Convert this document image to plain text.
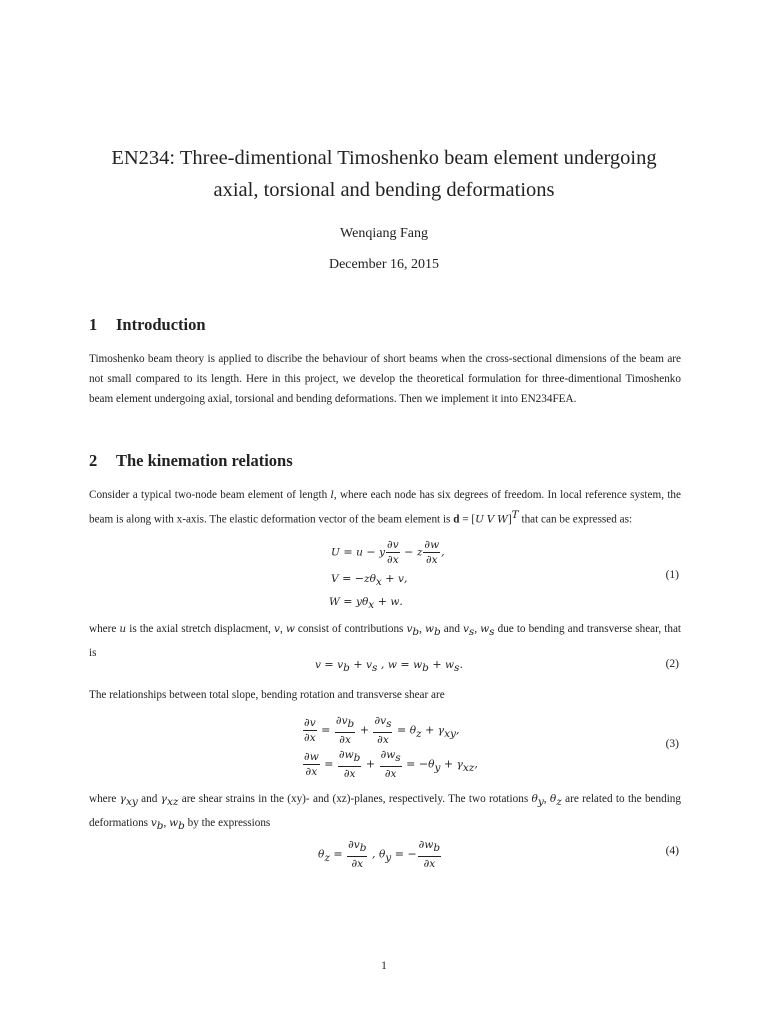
EN234: Three-dimentional Timoshenko beam element undergoing
axial, torsional and bending deformations
Wenqiang Fang
December 16, 2015
1 Introduction
Timoshenko beam theory is applied to discribe the behaviour of short beams when the cross-sectional dimensions of the beam are not small compared to its length. Here in this project, we develop the theoretical formulation for three-dimentional Timoshenko beam element undergoing axial, torsional and bending deformations. Then we implement it into EN234FEA.
2 The kinemation relations
Consider a typical two-node beam element of length l, where each node has six degrees of freedom. In local reference system, the beam is along with x-axis. The elastic deformation vector of the beam element is d = [U V W]$^T$ that can be expressed as:
U = u − y $\frac{\partial v}{\partial x} - z \frac{\partial w}{\partial x}$ ,
$V = -z\theta_x + v$,
$W = y\theta_x + w$.
(1)
where u is the axial stretch displacment, v, w consist of contributions $v_b$, $w_b$ and $v_s$, $w_s$ due to bending and transverse shear, that is
$v = v_b + v_s$ , $w = w_b + w_s$.	(2)
The relationships between total slope, bending rotation and transverse shear are
$\frac{\partial v}{\partial x} = \frac{\partial v_b}{\partial x} + \frac{\partial v_s}{\partial x} = \theta_z + \gamma_{xy}$,
$\frac{\partial w}{\partial x} = \frac{\partial w_b}{\partial x} + \frac{\partial w_s}{\partial x} = -\theta_y + \gamma_{xz}$,
(3)
where $\gamma_{xy}$ and $\gamma_{xz}$ are shear strains in the (xy)- and (xz)-planes, respectively. The two rotations $\theta_y$, $\theta_z$ are related to the bending deformations $v_b$, $w_b$ by the expressions
$\theta_z = \frac{\partial v_b}{\partial x}$ , $\theta_y$ = − $\frac{\partial w_b}{\partial x}$	(4)
1
